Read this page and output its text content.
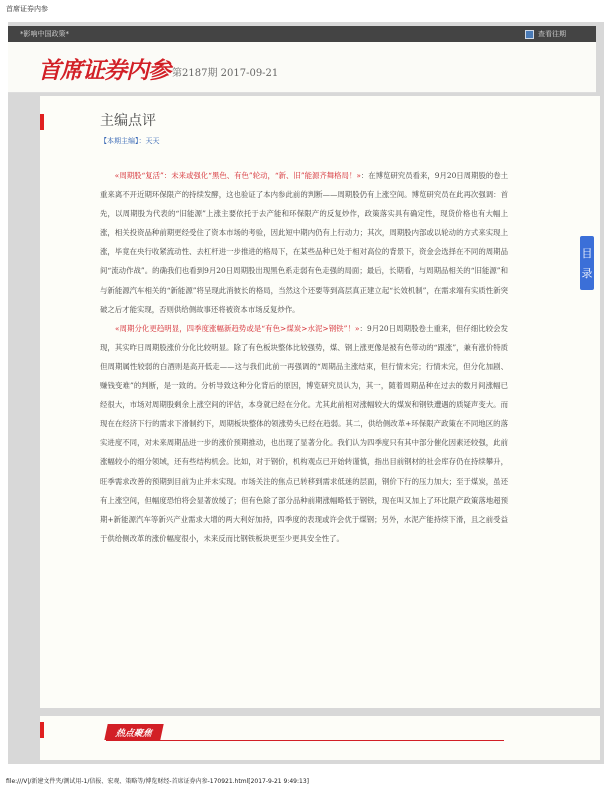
首席证券内参
*影响中国政策*	查看往期
首席证券内参 第2187期 2017-09-21
主编点评
【本期主编】：天天

　　«周期股“复活”：未来或强化“黑色、有色”轮动，“新、旧”能源齐舞格局！»：在博览研究员看来，9月20日周期股的卷土重来离不开近期环保限产的持续发酵，这也验证了本内参此前的判断——周期股仍有上涨空间。博览研究员在此再次强调：首先，以周期股为代表的“旧能源”上涨主要依托于去产能和环保限产的反复炒作，政策落实具有确定性，现货价格也有大幅上涨，相关投资品种前期更经受住了资本市场的考验，因此短中期内仍有上行动力；其次，周期股内部或以轮动的方式来实现上涨，毕竟在央行收紧流动性、去杠杆进一步推进的格局下，在某些品种已处于相对高位的背景下，资金会选择在不同的周期品间“流动作战”。的确我们也看到9月20日周期股出现黑色系走弱有色走强的局面；最后，长期看，与周期品相关的“旧能源”和与新能源汽车相关的“新能源”将呈现此消彼长的格局，当然这个还要等到高层真正建立起“长效机制”，在需求端有实质性新突破之后才能实现，否则供给侧故事还将被资本市场反复炒作。

　　«周期分化更趋明显，四季度涨幅新趋势或是“有色>煤炭>水泥>钢铁”！»：9月20日周期股卷土重来，但仔细比较会发现，其实昨日周期股涨价分化比较明显。除了有色板块整体比较强势，煤、钢上涨更像是被有色带动的“跟涨”，兼有涨价特质但周期属性较弱的白酒则是高开低走——这与我们此前一再强调的“周期品主涨结束，但行情未完；行情未完，但分化加剧、赚钱变难”的判断，是一致的。分析导致这种分化背后的原因，博览研究员认为，其一，随着周期品种在过去的数月间涨幅已经很大，市场对周期股剩余上涨空间的评估，本身就已经在分化。尤其此前相对涨幅较大的煤炭和钢铁遭遇的质疑声变大。而现在在经济下行的需求下滑制约下，周期板块整体的领涨势头已经在趋弱。其二，供给侧改革+环保限产政策在不同地区的落实进度不同，对未来周期品进一步的涨价预期推动，也出现了显著分化。我们认为四季度只有其中部分催化因素还较强，此前涨幅较小的细分领域，还有些结构机会。比如，对于钢价，机构观点已开始转谨慎，指出目前钢材的社会库存仍在持续攀升，旺季需求改善的预期到目前为止并未实现。市场关注的焦点已转移到需求低迷的层面，钢价下行的压力加大；至于煤炭，虽还有上涨空间，但幅度恐怕将会显著放缓了；但有色除了部分品种前期涨幅略低于钢铁，现在叫又加上了环比限产政策落地超预期+新能源汽车等新兴产业需求大增的两大利好加持，四季度的表现或许会优于煤钢；另外，水泥产能持续下滑，且之前受益于供给侧改革的涨价幅度很小，未来反而比钢铁板块更至少更具安全性了。

目
录
热点聚焦
file:///V|/新建文件夹/测试用-1/信报、宏观、策略等/博览财经-首席证券内参-170921.html[2017-9-21 9:49:13]
